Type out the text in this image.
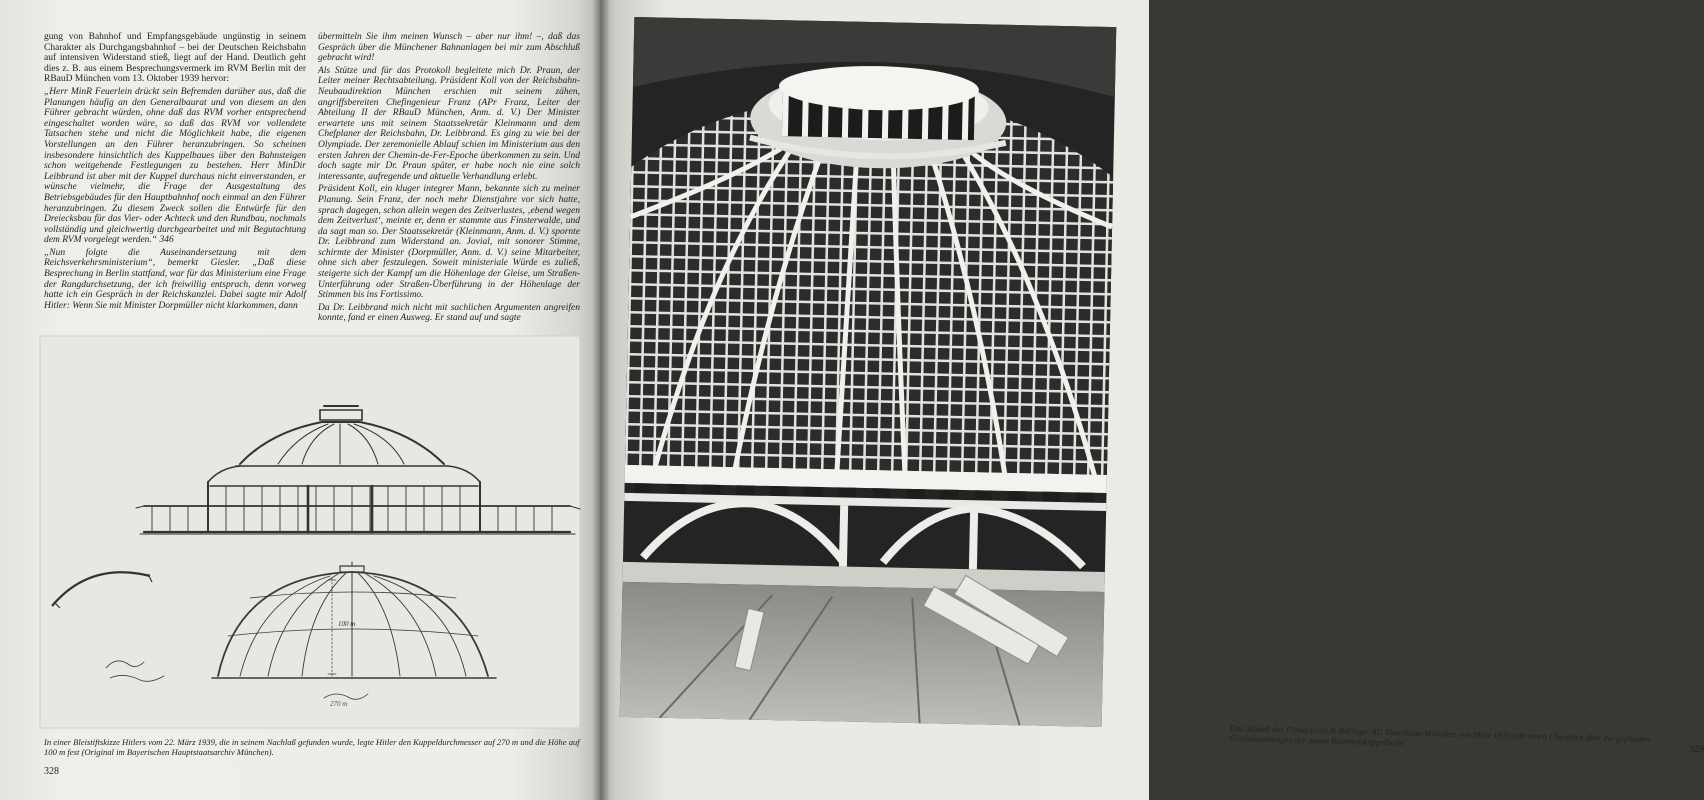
gung von Bahnhof und Empfangsgebäude ungünstig in seinem Charakter als Durchgangsbahnhof – bei der Deutschen Reichsbahn auf intensiven Widerstand stieß, liegt auf der Hand. Deutlich geht dies z. B. aus einem Besprechungsvermerk im RVM Berlin mit der RBauD München vom 13. Oktober 1939 hervor:

„Herr MinR Feuerlein drückt sein Befremden darüber aus, daß die Planungen häufig an den Generalbaurat und von diesem an den Führer gebracht würden, ohne daß das RVM vorher entsprechend eingeschaltet worden wäre, so daß das RVM vor vollendete Tatsachen stehe und nicht die Möglichkeit habe, die eigenen Vorstellungen an den Führer heranzubringen. So scheinen insbesondere hinsichtlich des Kuppelbaues über den Bahnsteigen schon weitgehende Festlegungen zu bestehen. Herr MinDir Leibbrand ist aber mit der Kuppel durchaus nicht einverstanden, er wünsche vielmehr, die Frage der Ausgestaltung des Betriebsgebäudes für den Hauptbahnhof noch einmal an den Führer heranzubringen. Zu diesem Zweck sollen die Entwürfe für den Dreiecksbau für das Vier- oder Achteck und den Rundbau, nochmals vollständig und gleichwertig durchgearbeitet und mit Begutachtung dem RVM vorgelegt werden.“ 346

„Nun folgte die Auseinandersetzung mit dem Reichsverkehrsministerium“, bemerkt Giesler. „Daß diese Besprechung in Berlin stattfand, war für das Ministerium eine Frage der Rangdurchsetzung, der ich freiwillig entsprach, denn vorweg hatte ich ein Gespräch in der Reichskanzlei. Dabei sagte mir Adolf Hitler: Wenn Sie mit Minister Dorpmüller nicht klarkommen, dann

übermitteln Sie ihm meinen Wunsch – aber nur ihm! –, daß das Gespräch über die Münchener Bahnanlagen bei mir zum Abschluß gebracht wird!

Als Stütze und für das Protokoll begleitete mich Dr. Praun, der Leiter meiner Rechtsabteilung. Präsident Koll von der Reichsbahn-Neubaudirektion München erschien mit seinem zähen, angriffsbereiten Chefingenieur Franz (APr Franz, Leiter der Abteilung II der RBauD München, Anm. d. V.) Der Minister erwartete uns mit seinem Staatssekretär Kleinmann und dem Chefplaner der Reichsbahn, Dr. Leibbrand. Es ging zu wie bei der Olympiade. Der zeremonielle Ablauf schien im Ministerium aus den ersten Jahren der Chemin-de-Fer-Epoche überkommen zu sein. Und doch sagte mir Dr. Praun später, er habe noch nie eine solch interessante, aufregende und aktuelle Verhandlung erlebt.

Präsident Koll, ein kluger integrer Mann, bekannte sich zu meiner Planung. Sein Franz, der noch mehr Dienstjahre vor sich hatte, sprach dagegen, schon allein wegen des Zeitverlustes, ‚ebend wegen dem Zeitverlust‘, meinte er, denn er stammte aus Finsterwalde, und da sagt man so. Der Staatssekretär (Kleinmann, Anm. d. V.) spornte Dr. Leibbrand zum Widerstand an. Jovial, mit sonorer Stimme, schirmte der Minister (Dorpmüller, Anm. d. V.) seine Mitarbeiter, ohne sich aber festzulegen. Soweit ministeriale Würde es zuließ, steigerte sich der Kampf um die Höhenlage der Gleise, um Straßen-Unterführung oder Straßen-Überführung in der Höhenlage der Stimmen bis ins Fortissimo.

Da Dr. Leibbrand mich nicht mit sachlichen Argumenten angreifen konnte, fand er einen Ausweg. Er stand auf und sagte

100 m
270 m
In einer Bleistiftskizze Hitlers vom 22. März 1939, die in seinem Nachlaß gefunden wurde, legte Hitler den Kuppeldurchmesser auf 270 m und die Höhe auf 100 m fest (Original im Bayerischen Hauptstaatsarchiv München).
328
Das Modell der Firma Grün & Bilfinger AG Mannheim-München von Mitte 1939 gibt einen Überblick über die geplanten Größenordnungen der neuen Bahnhofskuppelhalle.
329
